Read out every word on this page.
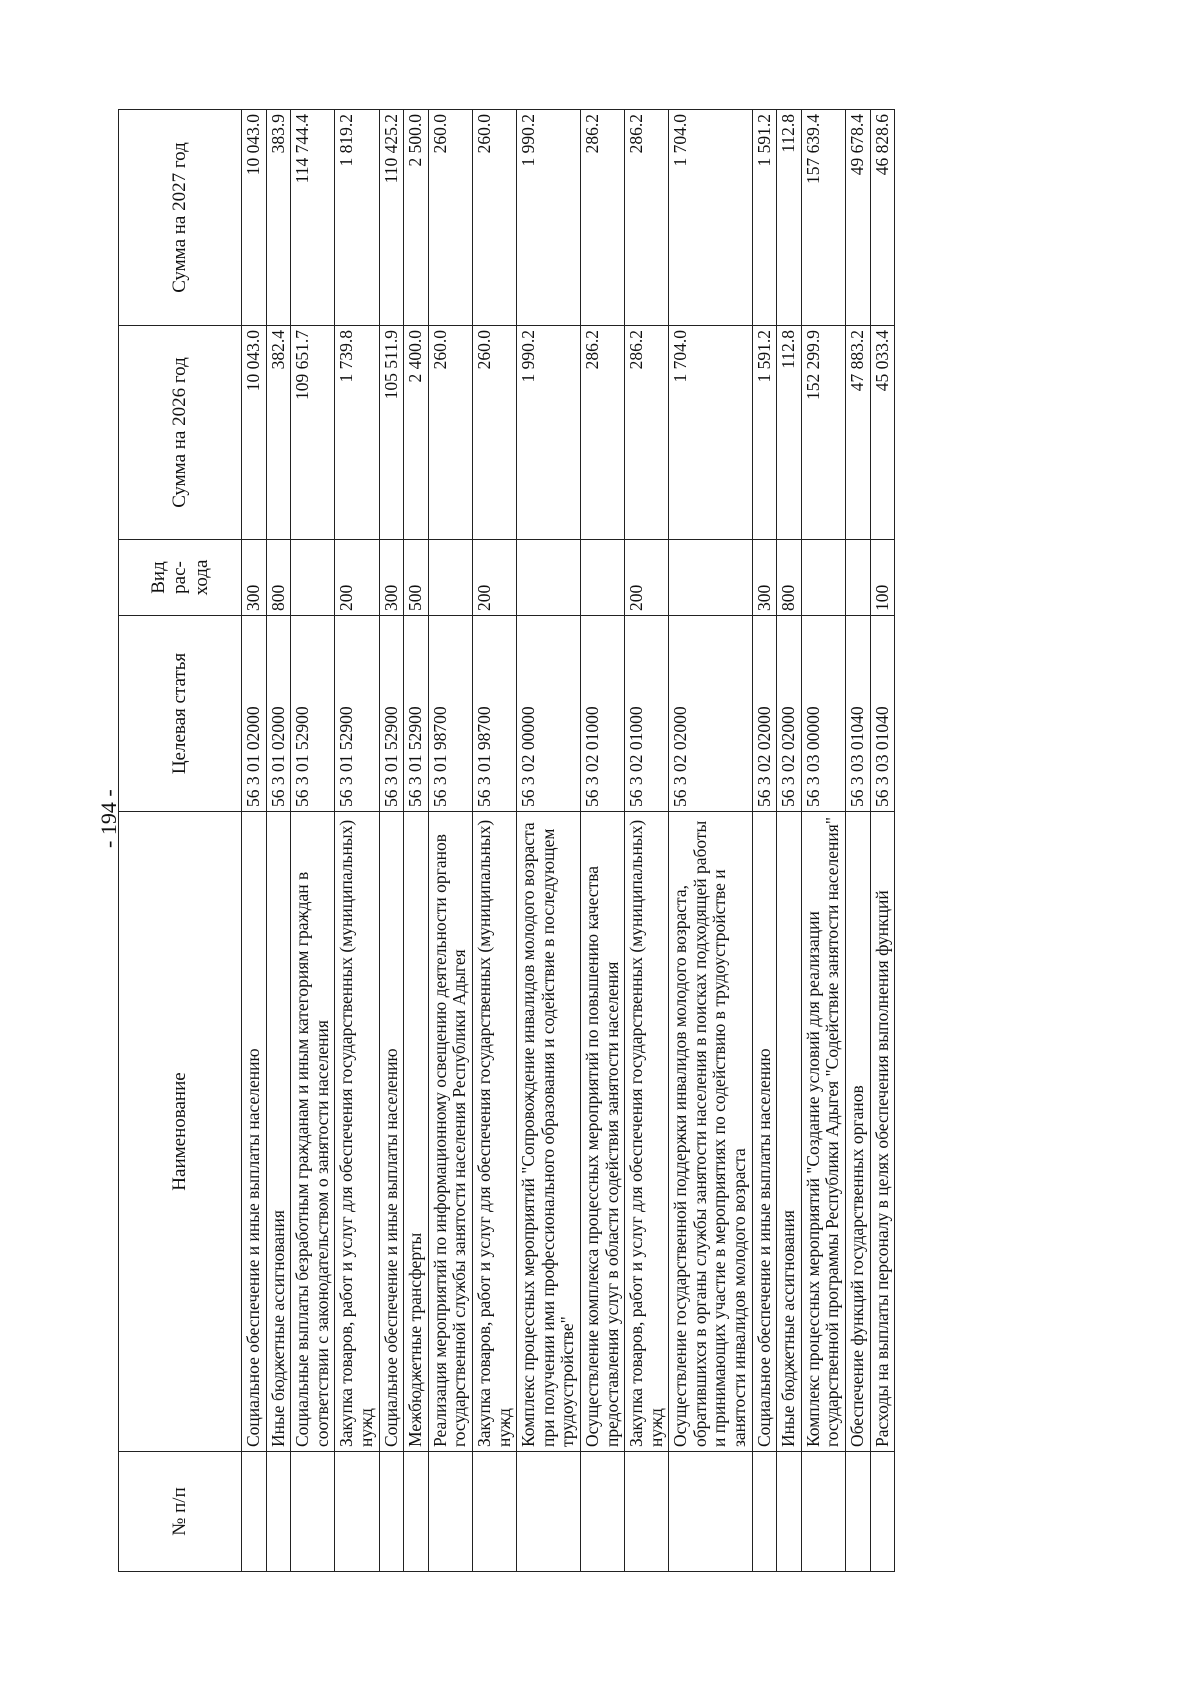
- 194 -
№ п/п	Наименование	Целевая статья	Вид рас- хода	Сумма на 2026 год	Сумма на 2027 год
	Социальное обеспечение и иные выплаты населению	56 3 01 02000	300	10 043.0	10 043.0
	Иные бюджетные ассигнования	56 3 01 02000	800	382.4	383.9
	Социальные выплаты безработным гражданам и иным категориям граждан в соответствии с законодательством о занятости населения	56 3 01 52900		109 651.7	114 744.4
	Закупка товаров, работ и услуг для обеспечения государственных (муниципальных) нужд	56 3 01 52900	200	1 739.8	1 819.2
	Социальное обеспечение и иные выплаты населению	56 3 01 52900	300	105 511.9	110 425.2
	Межбюджетные трансферты	56 3 01 52900	500	2 400.0	2 500.0
	Реализация мероприятий по информационному освещению деятельности органов государственной службы занятости населения Республики Адыгея	56 3 01 98700		260.0	260.0
	Закупка товаров, работ и услуг для обеспечения государственных (муниципальных) нужд	56 3 01 98700	200	260.0	260.0
	Комплекс процессных мероприятий "Сопровождение инвалидов молодого возраста при получении ими профессионального образования и содействие в последующем трудоустройстве"	56 3 02 00000		1 990.2	1 990.2
	Осуществление комплекса процессных мероприятий по повышению качества предоставления услуг в области содействия занятости населения	56 3 02 01000		286.2	286.2
	Закупка товаров, работ и услуг для обеспечения государственных (муниципальных) нужд	56 3 02 01000	200	286.2	286.2
	Осуществление государственной поддержки инвалидов молодого возраста, обратившихся в органы службы занятости населения в поисках подходящей работы и принимающих участие в мероприятиях по содействию в трудоустройстве и занятости инвалидов молодого возраста	56 3 02 02000		1 704.0	1 704.0
	Социальное обеспечение и иные выплаты населению	56 3 02 02000	300	1 591.2	1 591.2
	Иные бюджетные ассигнования	56 3 02 02000	800	112.8	112.8
	Комплекс процессных мероприятий "Создание условий для реализации государственной программы Республики Адыгея "Содействие занятости населения"	56 3 03 00000		152 299.9	157 639.4
	Обеспечение функций государственных органов	56 3 03 01040		47 883.2	49 678.4
	Расходы на выплаты персоналу в целях обеспечения выполнения функций	56 3 03 01040	100	45 033.4	46 828.6
